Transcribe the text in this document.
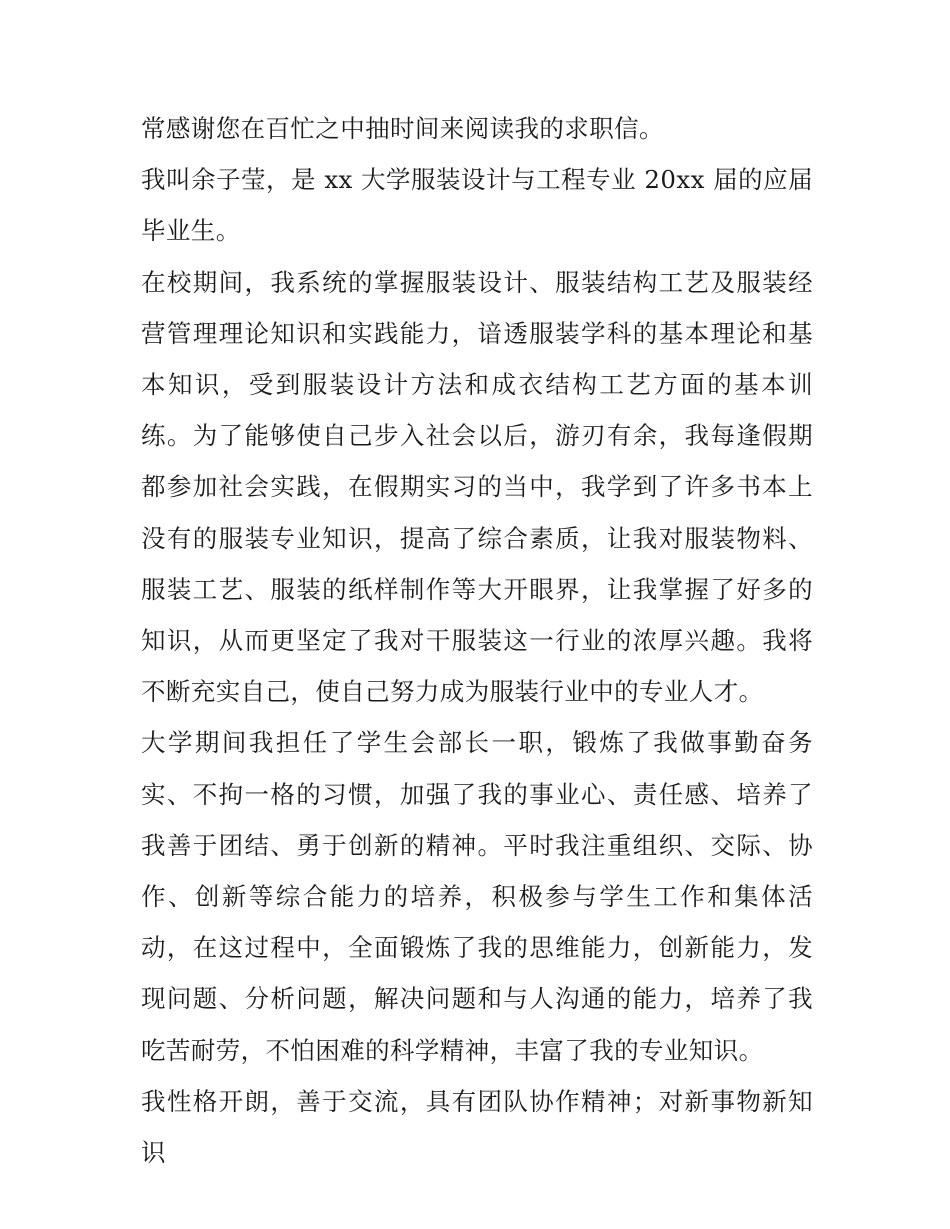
常感谢您在百忙之中抽时间来阅读我的求职信。

我叫余子莹，是 xx 大学服装设计与工程专业 20xx 届的应届毕业生。

在校期间，我系统的掌握服装设计、服装结构工艺及服装经营管理理论知识和实践能力，谙透服装学科的基本理论和基本知识，受到服装设计方法和成衣结构工艺方面的基本训练。为了能够使自己步入社会以后，游刃有余，我每逢假期都参加社会实践，在假期实习的当中，我学到了许多书本上没有的服装专业知识，提高了综合素质，让我对服装物料、服装工艺、服装的纸样制作等大开眼界，让我掌握了好多的知识，从而更坚定了我对干服装这一行业的浓厚兴趣。我将不断充实自己，使自己努力成为服装行业中的专业人才。

大学期间我担任了学生会部长一职，锻炼了我做事勤奋务实、不拘一格的习惯，加强了我的事业心、责任感、培养了我善于团结、勇于创新的精神。平时我注重组织、交际、协作、创新等综合能力的培养，积极参与学生工作和集体活动，在这过程中，全面锻炼了我的思维能力，创新能力，发现问题、分析问题，解决问题和与人沟通的能力，培养了我吃苦耐劳，不怕困难的科学精神，丰富了我的专业知识。

我性格开朗，善于交流，具有团队协作精神；对新事物新知识
